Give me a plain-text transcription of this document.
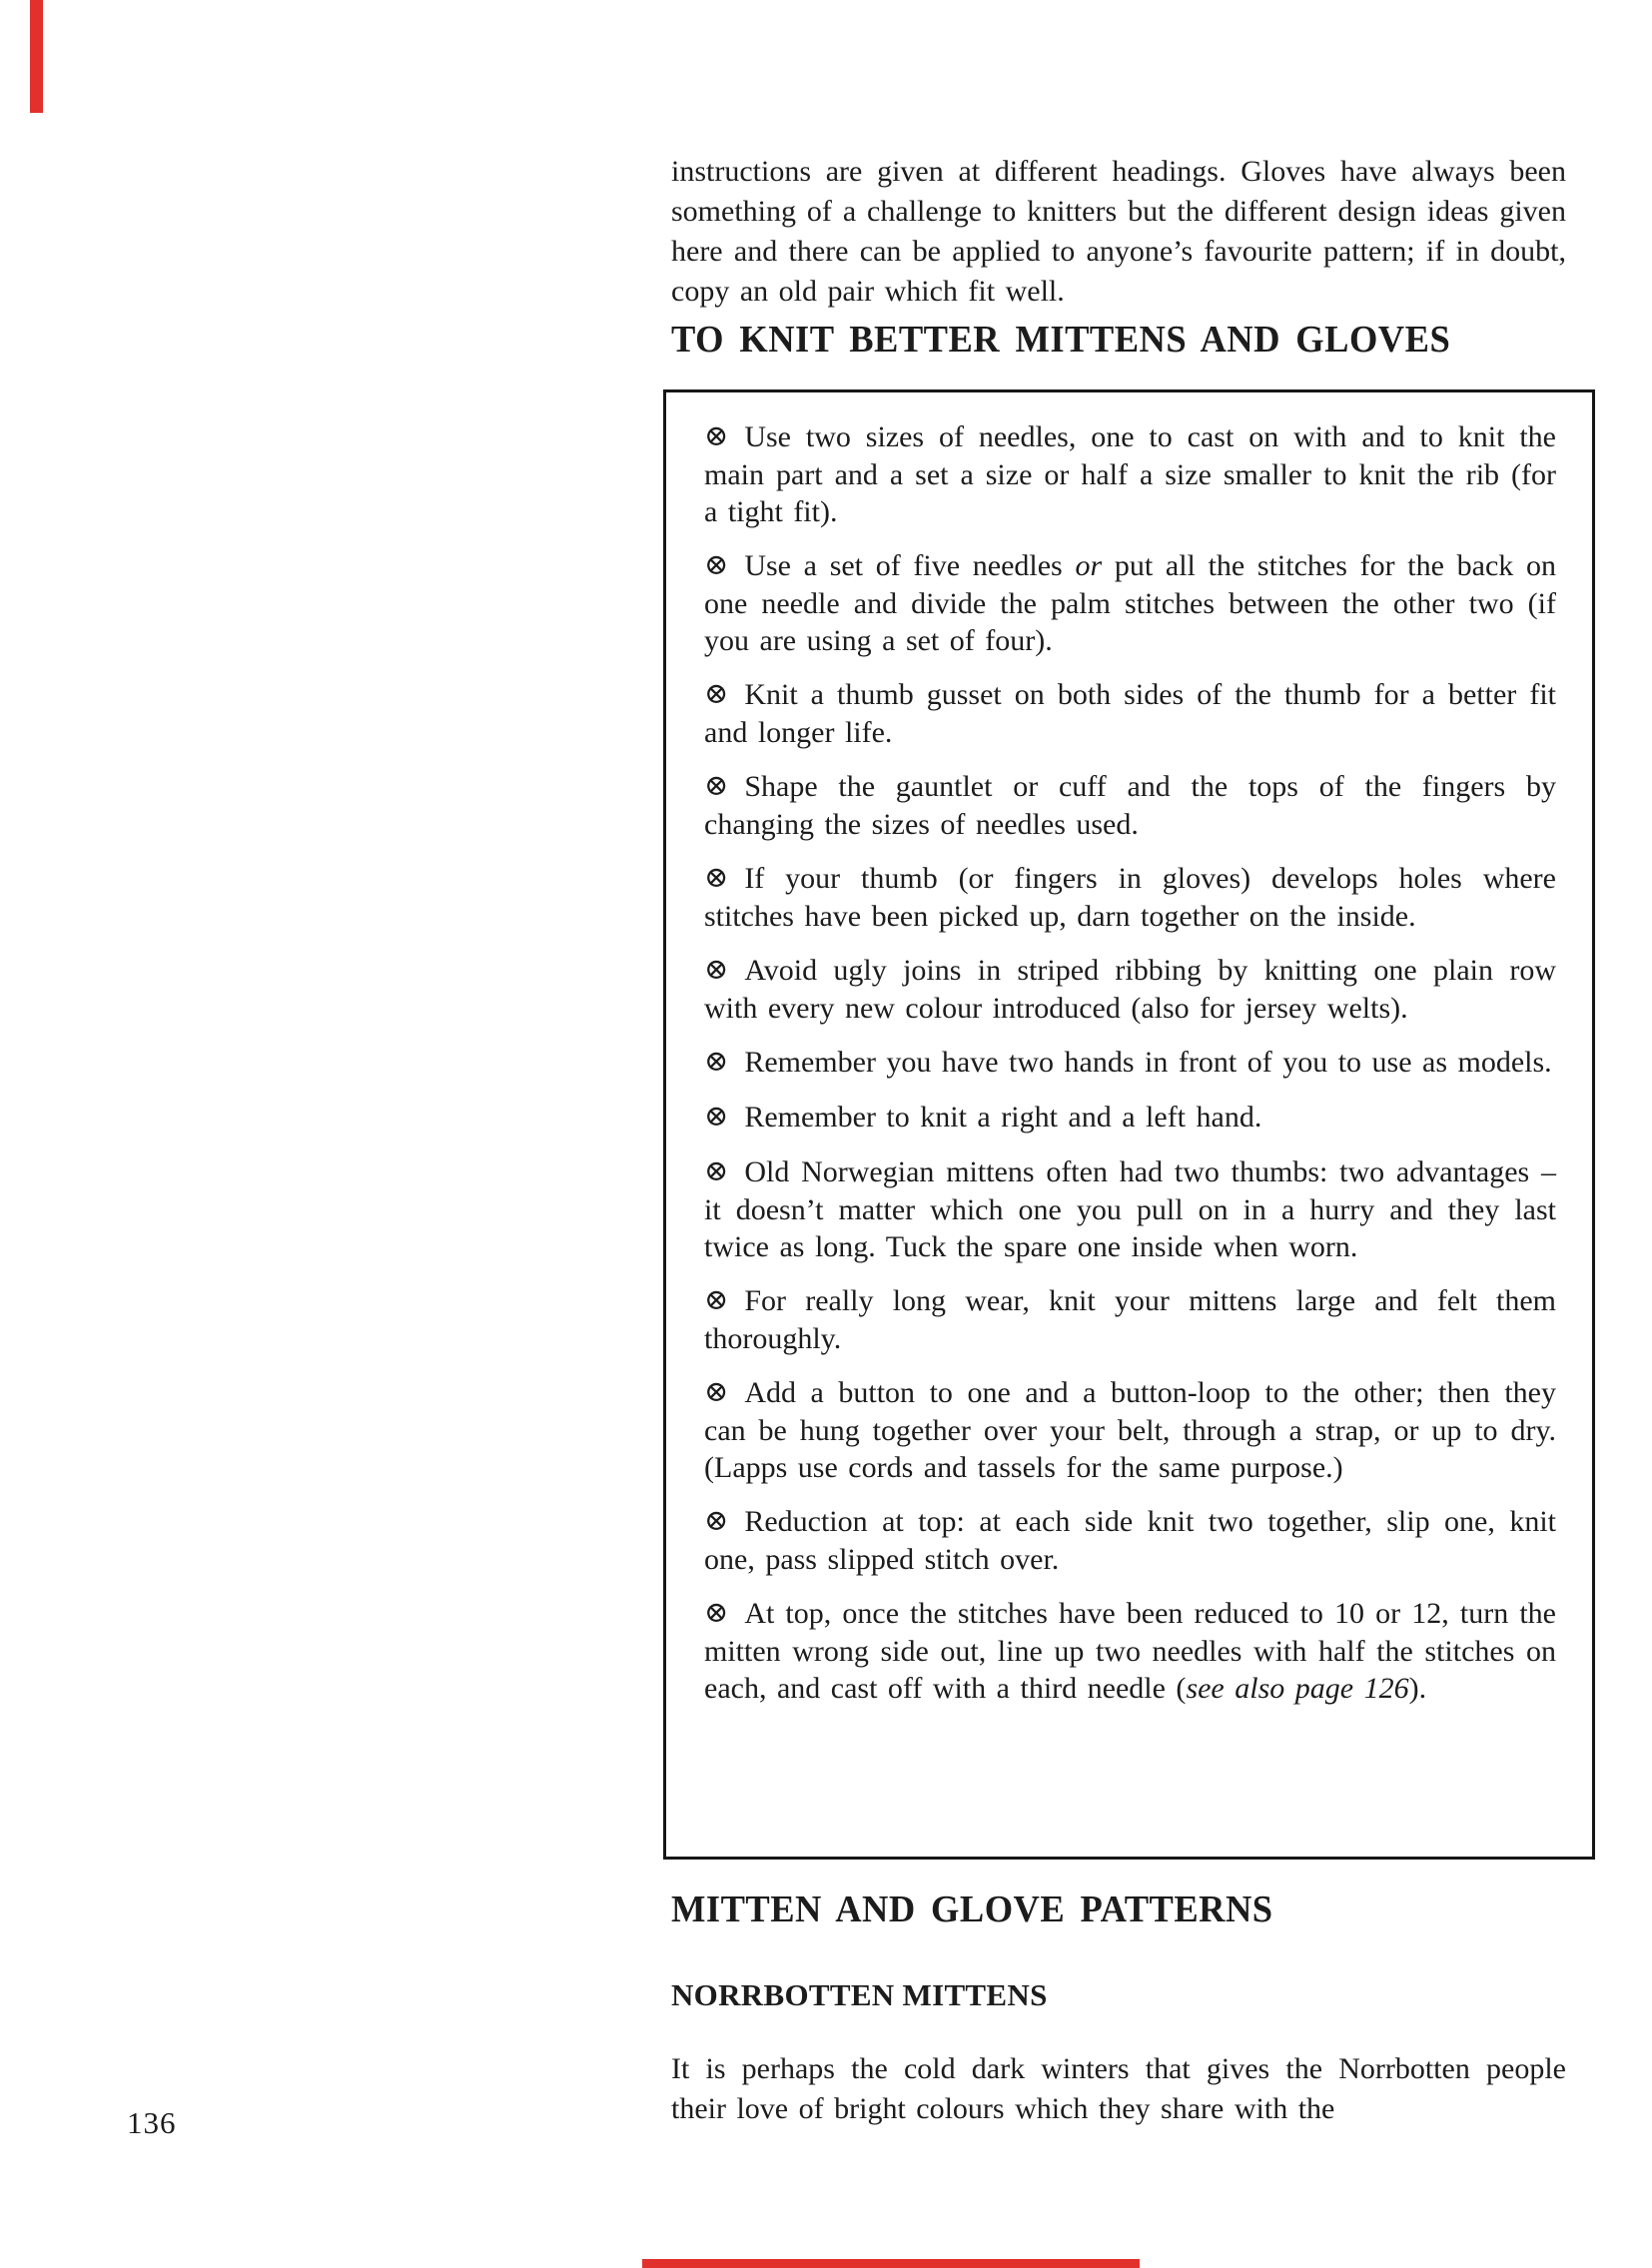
instructions are given at different headings. Gloves have always been something of a challenge to knitters but the different design ideas given here and there can be applied to anyone’s favourite pattern; if in doubt, copy an old pair which fit well.

TO KNIT BETTER MITTENS AND GLOVES

⊗ Use two sizes of needles, one to cast on with and to knit the main part and a set a size or half a size smaller to knit the rib (for a tight fit).

⊗ Use a set of five needles or put all the stitches for the back on one needle and divide the palm stitches between the other two (if you are using a set of four).

⊗ Knit a thumb gusset on both sides of the thumb for a better fit and longer life.

⊗ Shape the gauntlet or cuff and the tops of the fingers by changing the sizes of needles used.

⊗ If your thumb (or fingers in gloves) develops holes where stitches have been picked up, darn together on the inside.

⊗ Avoid ugly joins in striped ribbing by knitting one plain row with every new colour introduced (also for jersey welts).

⊗ Remember you have two hands in front of you to use as models.

⊗ Remember to knit a right and a left hand.

⊗ Old Norwegian mittens often had two thumbs: two advantages – it doesn’t matter which one you pull on in a hurry and they last twice as long. Tuck the spare one inside when worn.

⊗ For really long wear, knit your mittens large and felt them thoroughly.

⊗ Add a button to one and a button-loop to the other; then they can be hung together over your belt, through a strap, or up to dry. (Lapps use cords and tassels for the same purpose.)

⊗ Reduction at top: at each side knit two together, slip one, knit one, pass slipped stitch over.

⊗ At top, once the stitches have been reduced to 10 or 12, turn the mitten wrong side out, line up two needles with half the stitches on each, and cast off with a third needle (see also page 126).

MITTEN AND GLOVE PATTERNS
NORRBOTTEN MITTENS

It is perhaps the cold dark winters that gives the Norrbotten people their love of bright colours which they share with the

136
